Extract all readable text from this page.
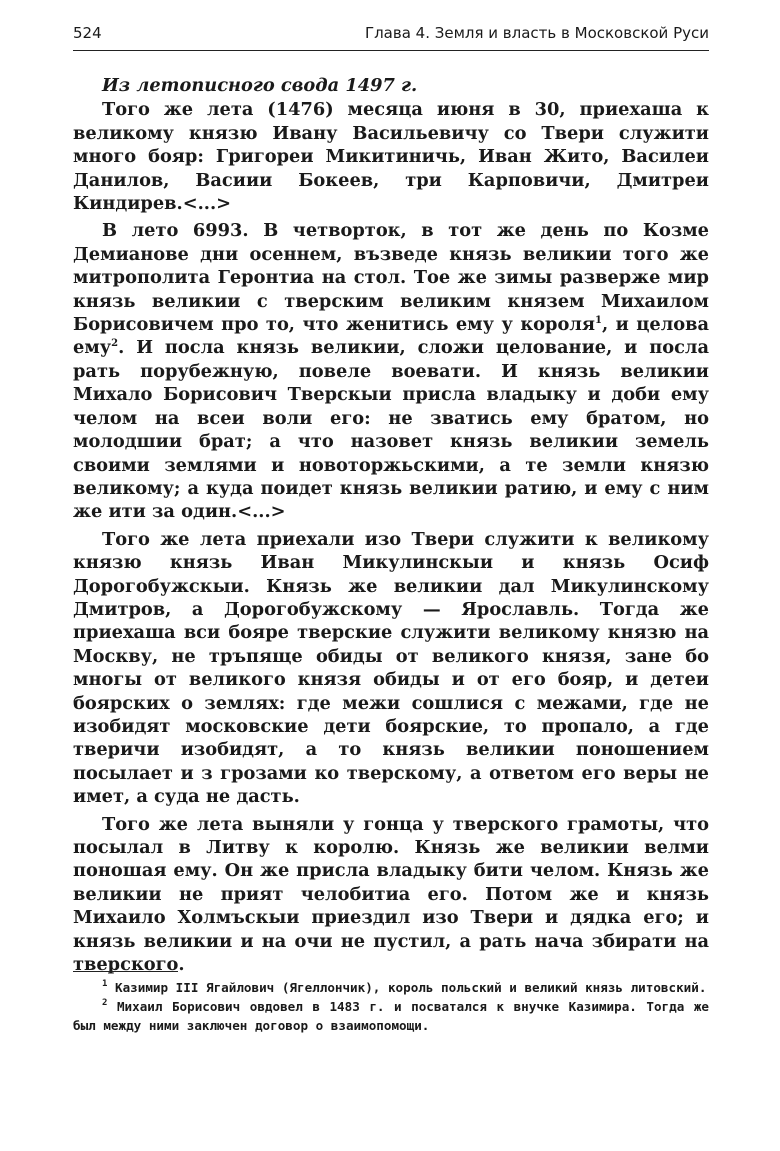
524	Глава 4. Земля и власть в Московской Руси

Из летописного свода 1497 г.

Того же лета (1476) месяца июня в 30, приехаша к великому князю Ивану Васильевичу со Твери служити много бояр: Григореи Микитиничь, Иван Жито, Василеи Данилов, Васиии Бокеев, три Карповичи, Дмитреи Киндирев.<...>

В лето 6993. В четворток, в тот же день по Козме Демианове дни осеннем, възведе князь великии того же митрополита Геронтиа на стол. Тое же зимы разверже мир князь великии с тверским великим князем Михаилом Борисовичем про то, что женитись ему у короля$^1$, и целова ему$^2$. И посла князь великии, сложи целование, и посла рать порубежную, повеле воевати. И князь великии Михало Борисович Тверскыи присла владыку и доби ему челом на всеи воли его: не зватись ему братом, но молодшии брат; а что назовет князь великии земель своими землями и новоторжьскими, а те земли князю великому; а куда поидет князь великии ратию, и ему с ним же ити за один.<...>

Того же лета приехали изо Твери служити к великому князю князь Иван Микулинскыи и князь Осиф Дорогобужскыи. Князь же великии дал Микулинскому Дмитров, а Дорогобужскому — Ярославль. Тогда же приехаша вси бояре тверские служити великому князю на Москву, не тръпяще обиды от великого князя, зане бо многы от великого князя обиды и от его бояр, и детеи боярских о землях: где межи сошлися с межами, где не изобидят московские дети боярские, то пропало, а где тверичи изобидят, а то князь великии поношением посылает и з грозами ко тверскому, а ответом его веры не имет, а суда не дасть.

Того же лета выняли у гонца у тверского грамоты, что посылал в Литву к королю. Князь же великии велми поношая ему. Он же присла владыку бити челом. Князь же великии не прият челобитиа его. Потом же и князь Михаило Холмъскыи приездил изо Твери и дядка его; и князь великии и на очи не пустил, а рать нача збирати на тверского.

$^1$ Казимир III Ягайлович (Ягеллончик), король польский и великий князь литовский.

$^2$ Михаил Борисович овдовел в 1483 г. и посватался к внучке Казимира. Тогда же был между ними заключен договор о взаимопомощи.
